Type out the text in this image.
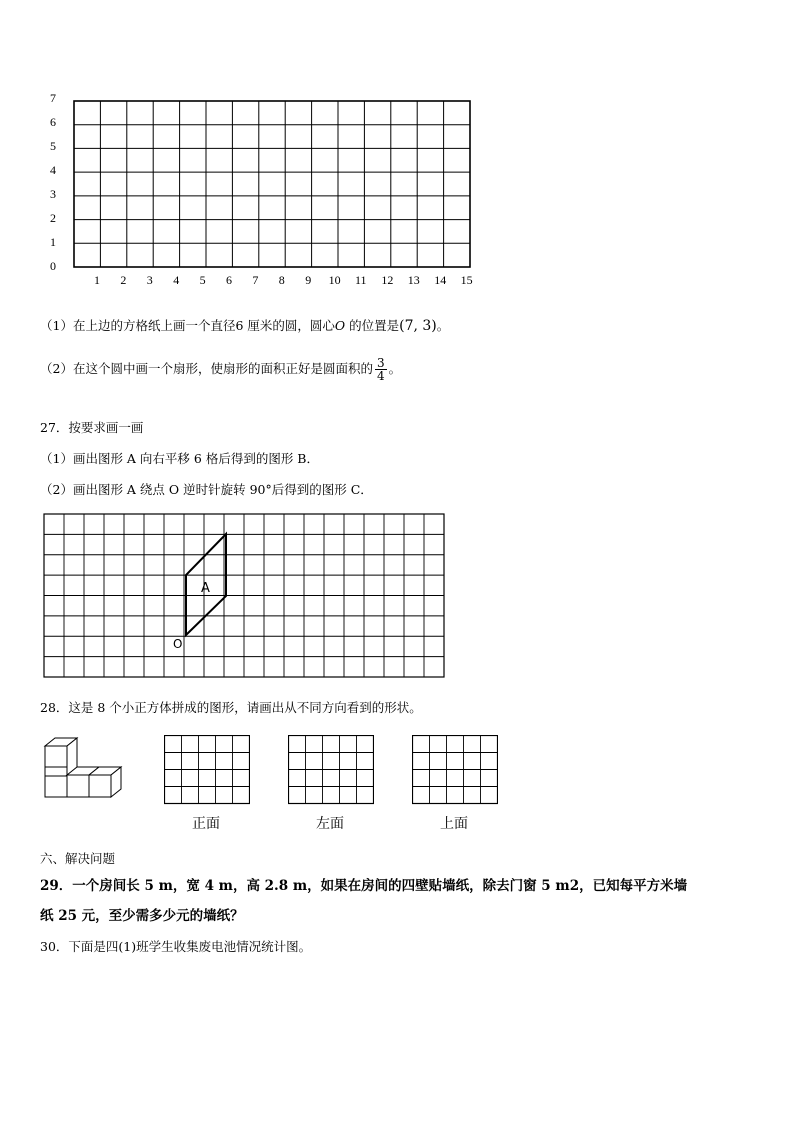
0
1
2
3
4
5
6
7
1 2 3 4 5 6 7 8 9 10 11 12 13 14 15
（1）在上边的方格纸上画一个直径6 厘米的圆，圆心O 的位置是(7, 3)。
（2）在这个圆中画一个扇形，使扇形的面积正好是圆面积的 $\frac{3}{4}$ 。
27．按要求画一画
（1）画出图形 A 向右平移 6 格后得到的图形 B．
（2）画出图形 A 绕点 O 逆时针旋转 90°后得到的图形 C．
A
O
28．这是 8 个小正方体拼成的图形，请画出从不同方向看到的形状。
正面	左面	上面
六、解决问题
29．一个房间长 5 m，宽 4 m，高 2.8 m，如果在房间的四壁贴墙纸，除去门窗 5 m2，已知每平方米墙
纸 25 元，至少需多少元的墙纸？
30．下面是四(1)班学生收集废电池情况统计图。
